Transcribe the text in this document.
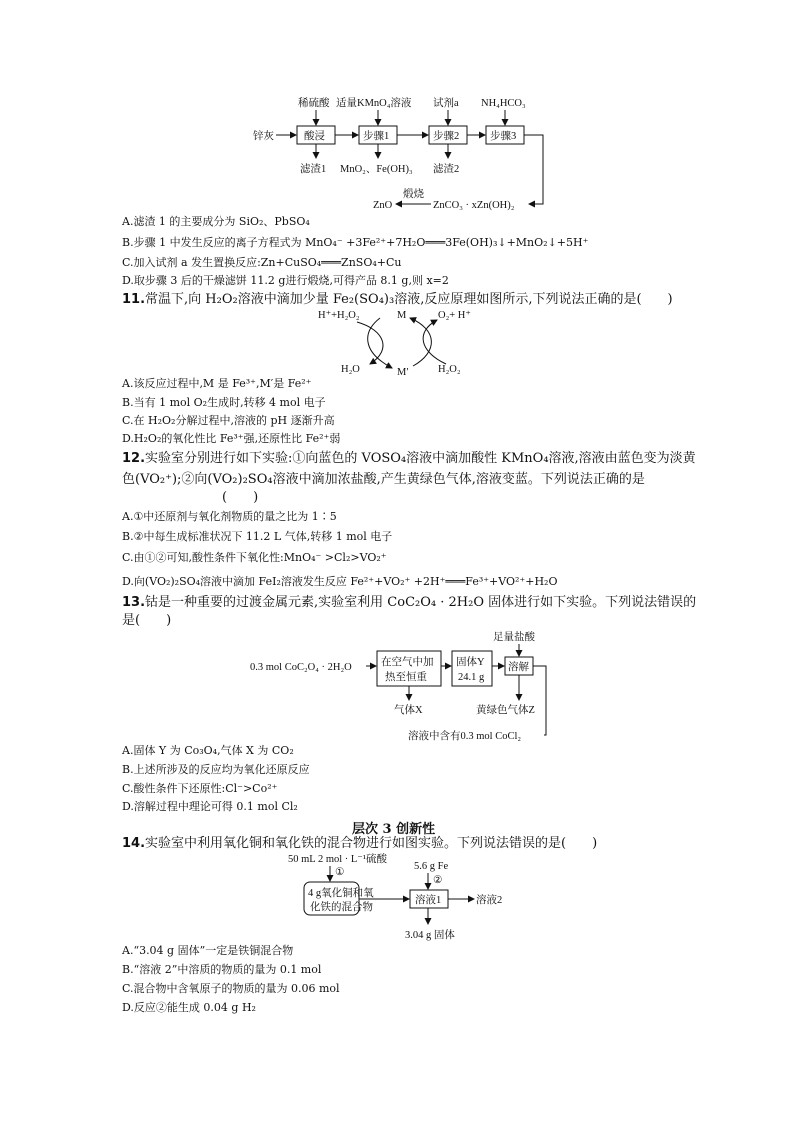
稀硫酸 适量KMnO₄溶液 试剂a NH₄HCO₃
锌灰	酸浸	步骤1	步骤2	步骤3
滤渣1 MnO₂、Fe(OH)₃ 滤渣2
ZnCO₃ · xZn(OH)₂
煅烧
ZnO
H⁺+H₂O₂	M	O₂+ H⁺
H₂O	M′	H₂O₂
0.3 mol CoC₂O₄ · 2H₂O	在空气中加
热至恒重
固体Y
24.1 g
溶解
足量盐酸
气体X	黄绿色气体Z
溶液中含有0.3 mol CoCl₂
50 mL 2 mol · L⁻¹硫酸
①
4 g氧化铜和氧
化铁的混合物
5.6 g Fe
②
溶液1	溶液2
3.04 g 固体
A.滤渣 1 的主要成分为 SiO₂、PbSO₄
B.步骤 1 中发生反应的离子方程式为 MnO₄⁻ +3Fe²⁺+7H₂O═══3Fe(OH)₃↓+MnO₂↓+5H⁺
C.加入试剂 a 发生置换反应:Zn+CuSO₄═══ZnSO₄+Cu
D.取步骤 3 后的干燥滤饼 11.2 g进行煅烧,可得产品 8.1 g,则 x=2
11.常温下,向 H₂O₂溶液中滴加少量 Fe₂(SO₄)₃溶液,反应原理如图所示,下列说法正确的是(　　)
A.该反应过程中,M 是 Fe³⁺,M′是 Fe²⁺
B.当有 1 mol O₂生成时,转移 4 mol 电子
C.在 H₂O₂分解过程中,溶液的 pH 逐渐升高
D.H₂O₂的氧化性比 Fe³⁺强,还原性比 Fe²⁺弱
12.实验室分别进行如下实验:①向蓝色的 VOSO₄溶液中滴加酸性 KMnO₄溶液,溶液由蓝色变为淡黄
色(VO₂⁺);②向(VO₂)₂SO₄溶液中滴加浓盐酸,产生黄绿色气体,溶液变蓝。下列说法正确的是
(　　)
A.①中还原剂与氧化剂物质的量之比为 1∶5
B.②中每生成标准状况下 11.2 L 气体,转移 1 mol 电子
C.由①②可知,酸性条件下氧化性:MnO₄⁻ >Cl₂>VO₂⁺
D.向(VO₂)₂SO₄溶液中滴加 FeI₂溶液发生反应 Fe²⁺+VO₂⁺ +2H⁺═══Fe³⁺+VO²⁺+H₂O
13.钴是一种重要的过渡金属元素,实验室利用 CoC₂O₄ · 2H₂O 固体进行如下实验。下列说法错误的
是(　　)
A.固体 Y 为 Co₃O₄,气体 X 为 CO₂
B.上述所涉及的反应均为氧化还原反应
C.酸性条件下还原性:Cl⁻>Co²⁺
D.溶解过程中理论可得 0.1 mol Cl₂
层次 3 创新性
14.实验室中利用氧化铜和氧化铁的混合物进行如图实验。下列说法错误的是(　　)
A.“3.04 g 固体”一定是铁铜混合物
B.“溶液 2”中溶质的物质的量为 0.1 mol
C.混合物中含氧原子的物质的量为 0.06 mol
D.反应②能生成 0.04 g H₂
